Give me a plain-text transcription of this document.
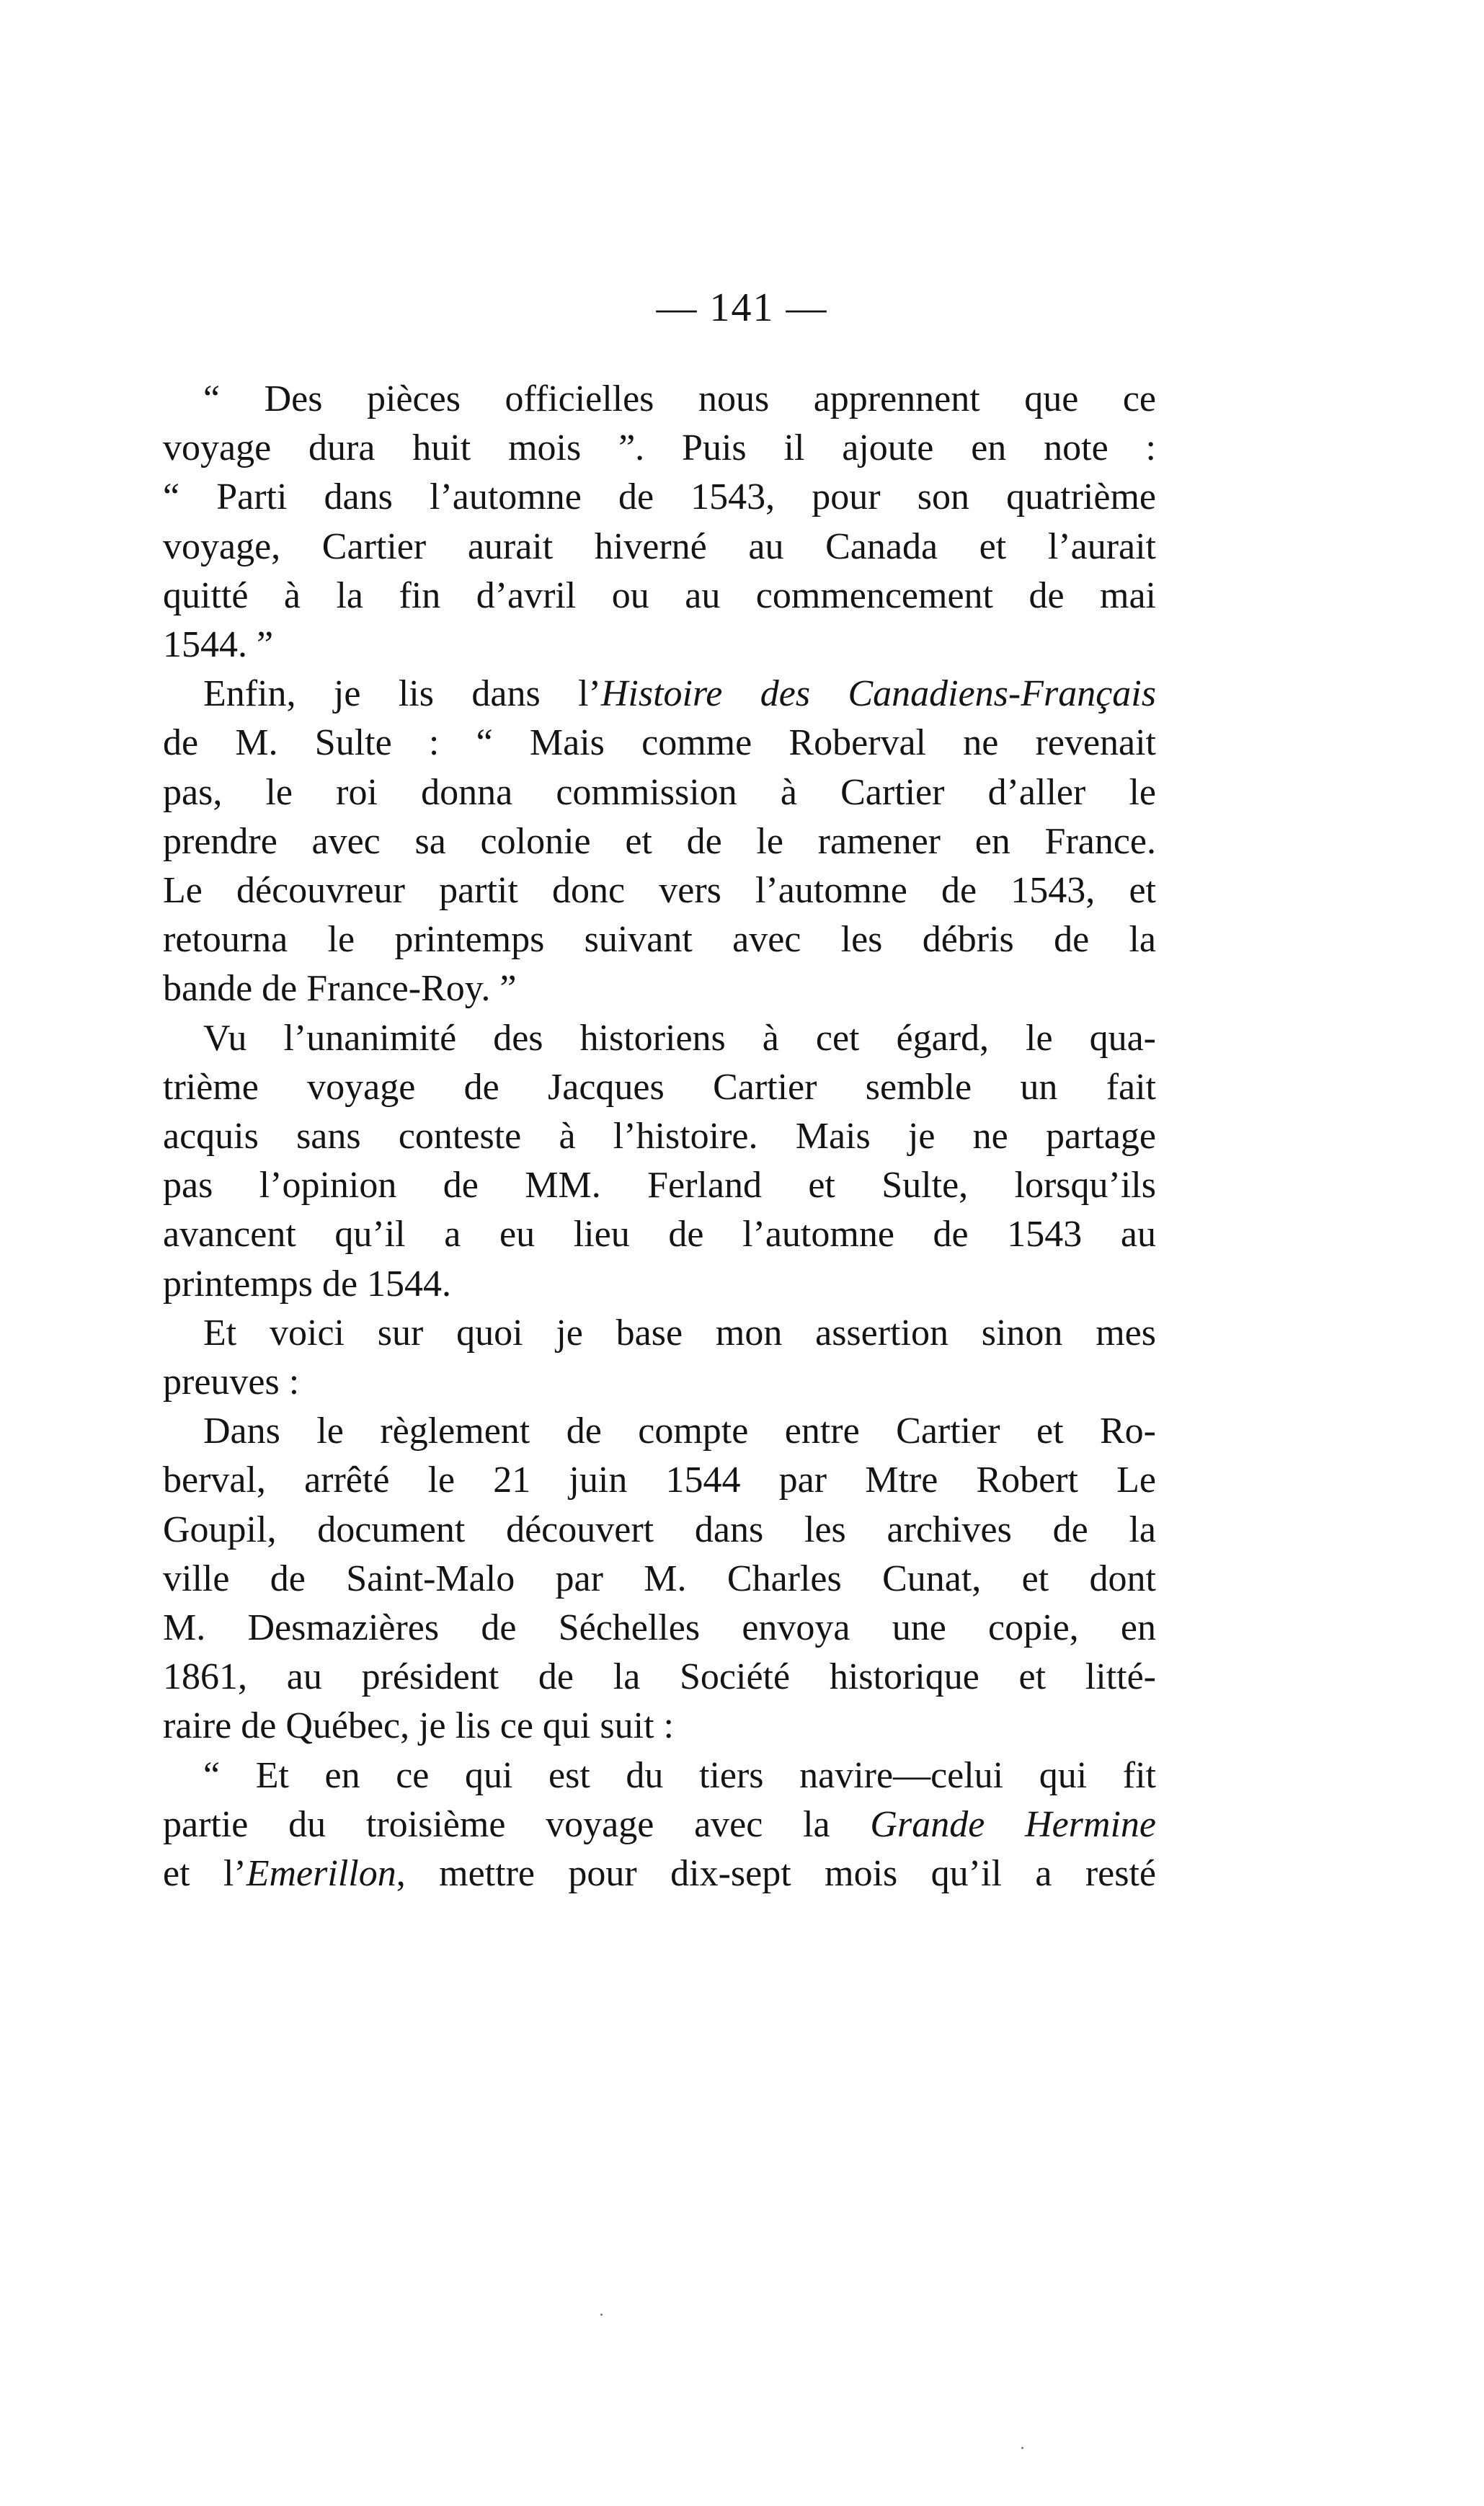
— 141 —
“ Des pièces officielles nous apprennent que ce
voyage dura huit mois ”. Puis il ajoute en note :
“ Parti dans l’automne de 1543, pour son quatrième
voyage, Cartier aurait hiverné au Canada et l’aurait
quitté à la fin d’avril ou au commencement de mai
1544. ”
Enfin, je lis dans l’Histoire des Canadiens-Français
de M. Sulte : “ Mais comme Roberval ne revenait
pas, le roi donna commission à Cartier d’aller le
prendre avec sa colonie et de le ramener en France.
Le découvreur partit donc vers l’automne de 1543, et
retourna le printemps suivant avec les débris de la
bande de France-Roy. ”
Vu l’unanimité des historiens à cet égard, le qua-
trième voyage de Jacques Cartier semble un fait
acquis sans conteste à l’histoire. Mais je ne partage
pas l’opinion de MM. Ferland et Sulte, lorsqu’ils
avancent qu’il a eu lieu de l’automne de 1543 au
printemps de 1544.
Et voici sur quoi je base mon assertion sinon mes
preuves :
Dans le règlement de compte entre Cartier et Ro-
berval, arrêté le 21 juin 1544 par Mtre Robert Le
Goupil, document découvert dans les archives de la
ville de Saint-Malo par M. Charles Cunat, et dont
M. Desmazières de Séchelles envoya une copie, en
1861, au président de la Société historique et litté-
raire de Québec, je lis ce qui suit :
“ Et en ce qui est du tiers navire—celui qui fit
partie du troisième voyage avec la Grande Hermine
et l’Emerillon, mettre pour dix-sept mois qu’il a resté
